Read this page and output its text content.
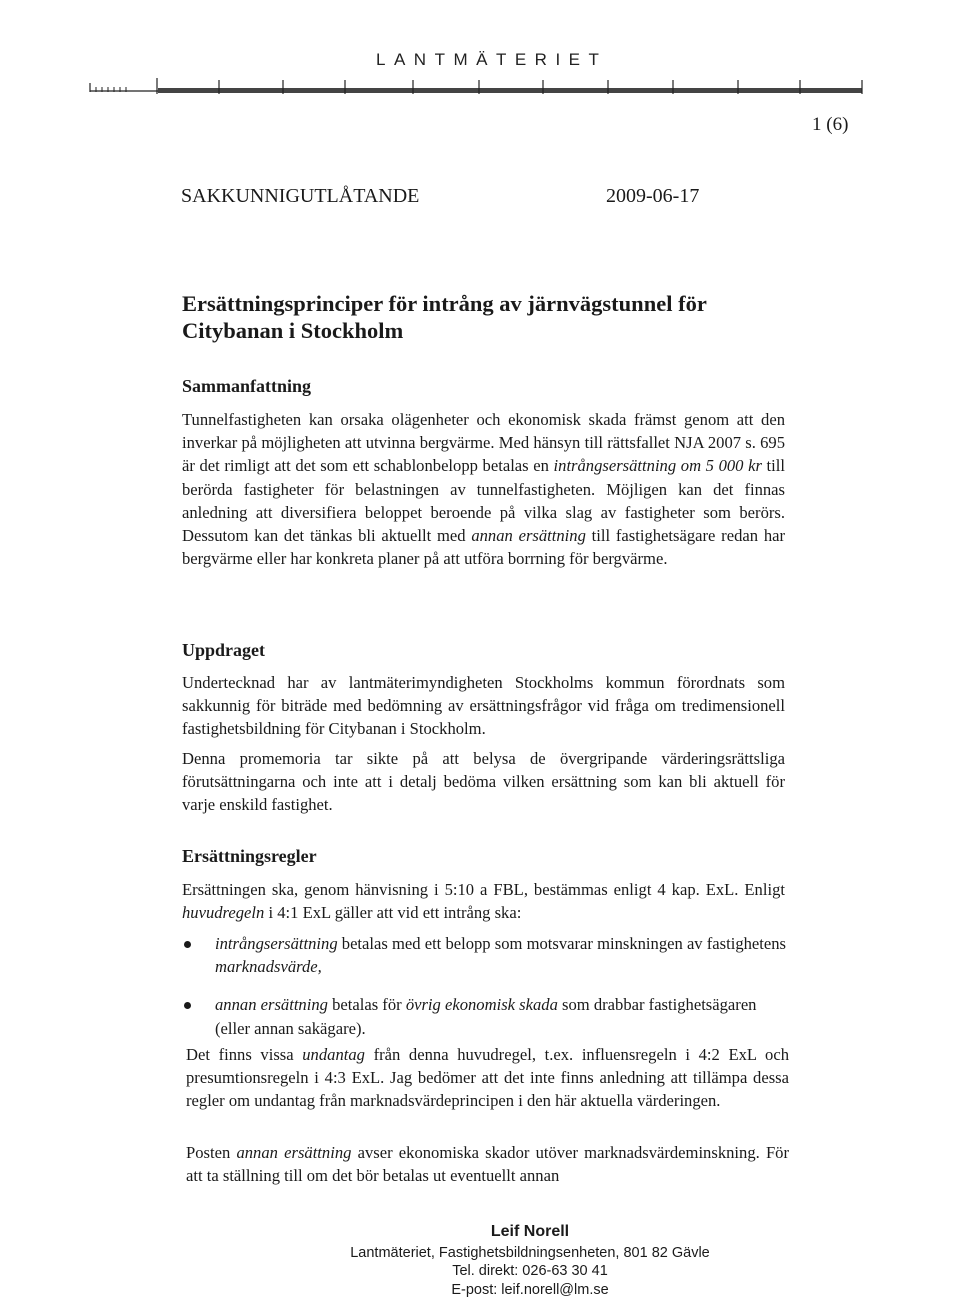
LANTMÄTERIET
1 (6)
SAKKUNNIGUTLÅTANDE	2009-06-17
Ersättningsprinciper för intrång av järnvägstunnel för
Citybanan i Stockholm
Sammanfattning

Tunnelfastigheten kan orsaka olägenheter och ekonomisk skada främst genom att den inverkar på möjligheten att utvinna bergvärme. Med hänsyn till rättsfallet NJA 2007 s. 695 är det rimligt att det som ett schablonbelopp betalas en intrångsersättning om 5 000 kr till berörda fastigheter för belastningen av tunnelfastigheten. Möjligen kan det finnas anledning att diversifiera beloppet beroende på vilka slag av fastigheter som berörs. Dessutom kan det tänkas bli aktuellt med annan ersättning till fastighetsägare redan har bergvärme eller har konkreta planer på att utföra borrning för bergvärme.

Uppdraget

Undertecknad har av lantmäterimyndigheten Stockholms kommun förordnats som sakkunnig för biträde med bedömning av ersättningsfrågor vid fråga om tredimensionell fastighetsbildning för Citybanan i Stockholm.

Denna promemoria tar sikte på att belysa de övergripande värderingsrättsliga förutsättningarna och inte att i detalj bedöma vilken ersättning som kan bli aktuell för varje enskild fastighet.

Ersättningsregler

Ersättningen ska, genom hänvisning i 5:10 a FBL, bestämmas enligt 4 kap. ExL. Enligt huvudregeln i 4:1 ExL gäller att vid ett intrång ska:

intrångsersättning betalas med ett belopp som motsvarar minskningen av fastighetens marknadsvärde,
annan ersättning betalas för övrig ekonomisk skada som drabbar fastighetsägaren (eller annan sakägare).

Det finns vissa undantag från denna huvudregel, t.ex. influensregeln i 4:2 ExL och presumtionsregeln i 4:3 ExL. Jag bedömer att det inte finns anledning att tillämpa dessa regler om undantag från marknadsvärdeprincipen i den här aktuella värderingen.

Posten annan ersättning avser ekonomiska skador utöver marknadsvärdeminskning. För att ta ställning till om det bör betalas ut eventuellt annan

Leif Norell
Lantmäteriet, Fastighetsbildningsenheten, 801 82 Gävle
Tel. direkt: 026-63 30 41
E-post: leif.norell@lm.se
